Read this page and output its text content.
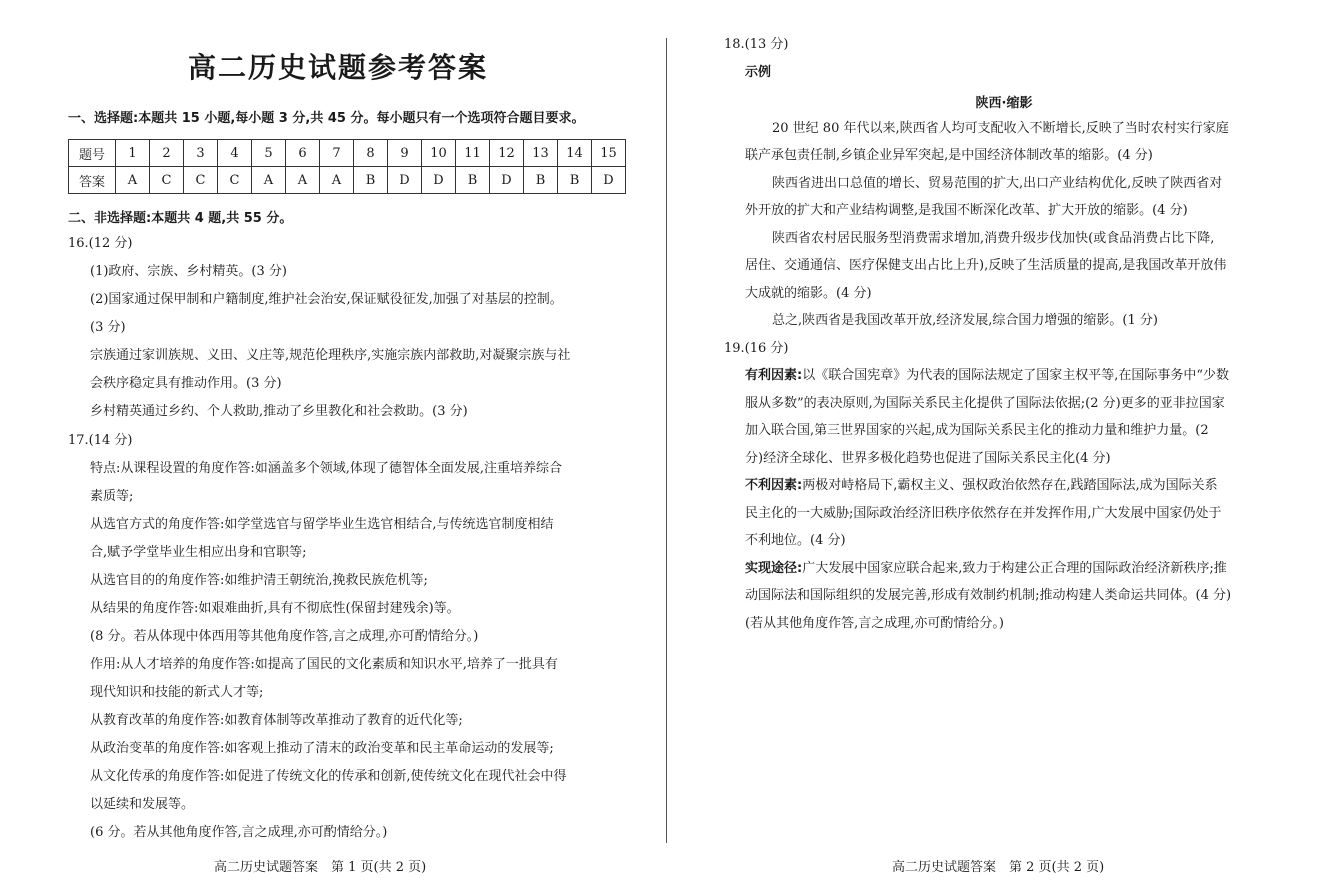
高二历史试题参考答案
一、选择题:本题共 15 小题,每小题 3 分,共 45 分。每小题只有一个选项符合题目要求。
题号	1	2	3	4	5	6	7	8	9	10	11	12	13	14	15
答案	A	C	C	C	A	A	A	B	D	D	B	D	B	B	D
二、非选择题:本题共 4 题,共 55 分。
16.(12 分)
(1)政府、宗族、乡村精英。(3 分)
(2)国家通过保甲制和户籍制度,维护社会治安,保证赋役征发,加强了对基层的控制。
(3 分)
宗族通过家训族规、义田、义庄等,规范伦理秩序,实施宗族内部救助,对凝聚宗族与社
会秩序稳定具有推动作用。(3 分)
乡村精英通过乡约、个人救助,推动了乡里教化和社会救助。(3 分)
17.(14 分)
特点:从课程设置的角度作答:如涵盖多个领域,体现了德智体全面发展,注重培养综合
素质等;
从选官方式的角度作答:如学堂选官与留学毕业生选官相结合,与传统选官制度相结
合,赋予学堂毕业生相应出身和官职等;
从选官目的的角度作答:如维护清王朝统治,挽救民族危机等;
从结果的角度作答:如艰难曲折,具有不彻底性(保留封建残余)等。
(8 分。若从体现中体西用等其他角度作答,言之成理,亦可酌情给分。)
作用:从人才培养的角度作答:如提高了国民的文化素质和知识水平,培养了一批具有
现代知识和技能的新式人才等;
从教育改革的角度作答:如教育体制等改革推动了教育的近代化等;
从政治变革的角度作答:如客观上推动了清末的政治变革和民主革命运动的发展等;
从文化传承的角度作答:如促进了传统文化的传承和创新,使传统文化在现代社会中得
以延续和发展等。
(6 分。若从其他角度作答,言之成理,亦可酌情给分。)
18.(13 分)
示例
陕西·缩影
20 世纪 80 年代以来,陕西省人均可支配收入不断增长,反映了当时农村实行家庭
联产承包责任制,乡镇企业异军突起,是中国经济体制改革的缩影。(4 分)
陕西省进出口总值的增长、贸易范围的扩大,出口产业结构优化,反映了陕西省对
外开放的扩大和产业结构调整,是我国不断深化改革、扩大开放的缩影。(4 分)
陕西省农村居民服务型消费需求增加,消费升级步伐加快(或食品消费占比下降,
居住、交通通信、医疗保健支出占比上升),反映了生活质量的提高,是我国改革开放伟
大成就的缩影。(4 分)
总之,陕西省是我国改革开放,经济发展,综合国力增强的缩影。(1 分)
19.(16 分)
有利因素:以《联合国宪章》为代表的国际法规定了国家主权平等,在国际事务中“少数
服从多数”的表决原则,为国际关系民主化提供了国际法依据;(2 分)更多的亚非拉国家
加入联合国,第三世界国家的兴起,成为国际关系民主化的推动力量和维护力量。(2
分)经济全球化、世界多极化趋势也促进了国际关系民主化(4 分)
不利因素:两极对峙格局下,霸权主义、强权政治依然存在,践踏国际法,成为国际关系
民主化的一大威胁;国际政治经济旧秩序依然存在并发挥作用,广大发展中国家仍处于
不利地位。(4 分)
实现途径:广大发展中国家应联合起来,致力于构建公正合理的国际政治经济新秩序;推
动国际法和国际组织的发展完善,形成有效制约机制;推动构建人类命运共同体。(4 分)
(若从其他角度作答,言之成理,亦可酌情给分。)
高二历史试题答案　第 1 页(共 2 页)	高二历史试题答案　第 2 页(共 2 页)
